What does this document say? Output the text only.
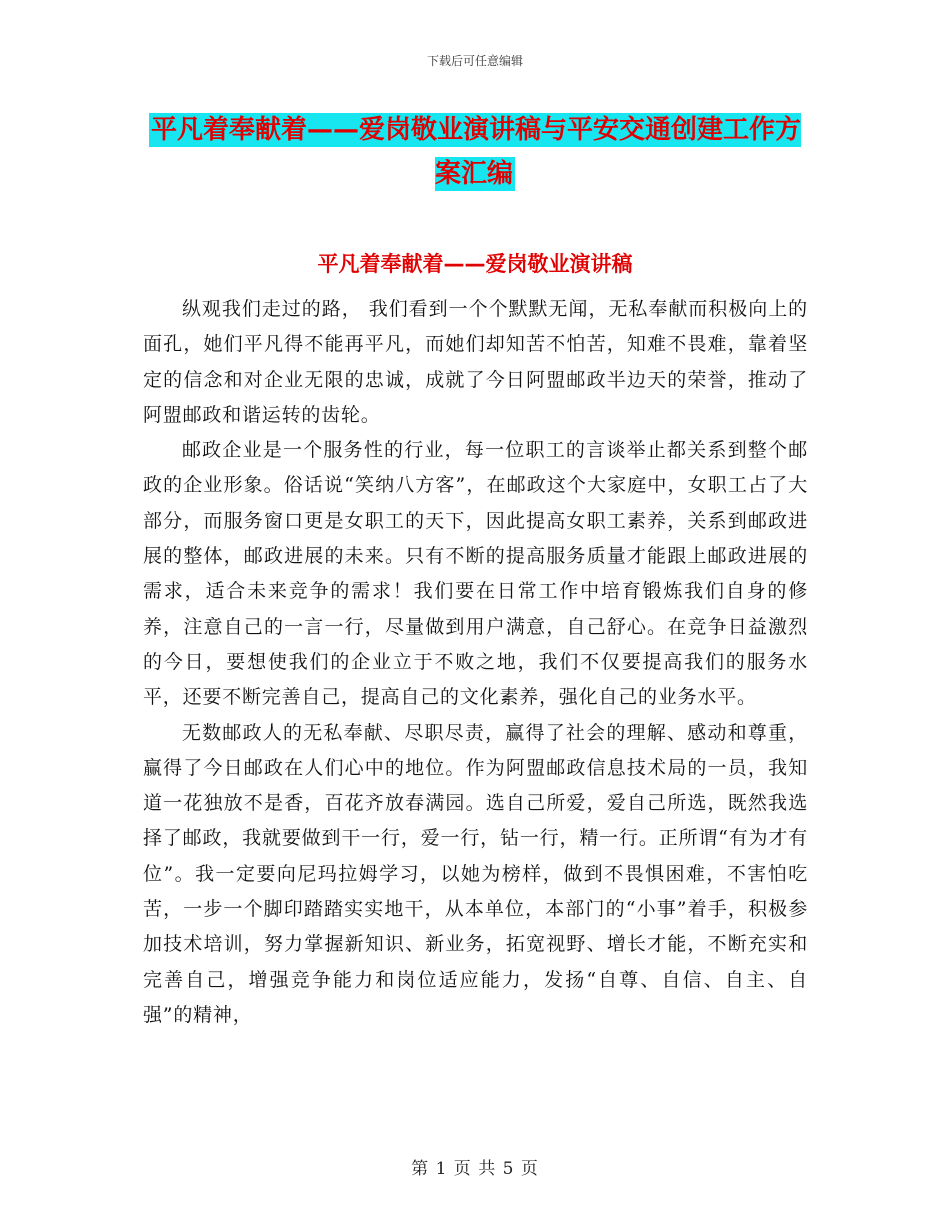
下载后可任意编辑
平凡着奉献着——爱岗敬业演讲稿与平安交通创建工作方案汇编
平凡着奉献着——爱岗敬业演讲稿

纵观我们走过的路， 我们看到一个个默默无闻，无私奉献而积极向上的面孔，她们平凡得不能再平凡，而她们却知苦不怕苦，知难不畏难，靠着坚定的信念和对企业无限的忠诚，成就了今日阿盟邮政半边天的荣誉，推动了阿盟邮政和谐运转的齿轮。

邮政企业是一个服务性的行业，每一位职工的言谈举止都关系到整个邮政的企业形象。俗话说“笑纳八方客”，在邮政这个大家庭中，女职工占了大部分，而服务窗口更是女职工的天下，因此提高女职工素养，关系到邮政进展的整体，邮政进展的未来。只有不断的提高服务质量才能跟上邮政进展的需求，适合未来竞争的需求！我们要在日常工作中培育锻炼我们自身的修养，注意自己的一言一行，尽量做到用户满意，自己舒心。在竞争日益激烈的今日，要想使我们的企业立于不败之地，我们不仅要提高我们的服务水平，还要不断完善自己，提高自己的文化素养，强化自己的业务水平。

无数邮政人的无私奉献、尽职尽责，赢得了社会的理解、感动和尊重，赢得了今日邮政在人们心中的地位。作为阿盟邮政信息技术局的一员，我知道一花独放不是香，百花齐放春满园。选自己所爱，爱自己所选，既然我选择了邮政，我就要做到干一行，爱一行，钻一行，精一行。正所谓“有为才有位”。我一定要向尼玛拉姆学习，以她为榜样，做到不畏惧困难，不害怕吃苦，一步一个脚印踏踏实实地干，从本单位，本部门的“小事”着手，积极参加技术培训，努力掌握新知识、新业务，拓宽视野、增长才能，不断充实和完善自己，增强竞争能力和岗位适应能力，发扬“自尊、自信、自主、自强”的精神，

第 1 页 共 5 页
